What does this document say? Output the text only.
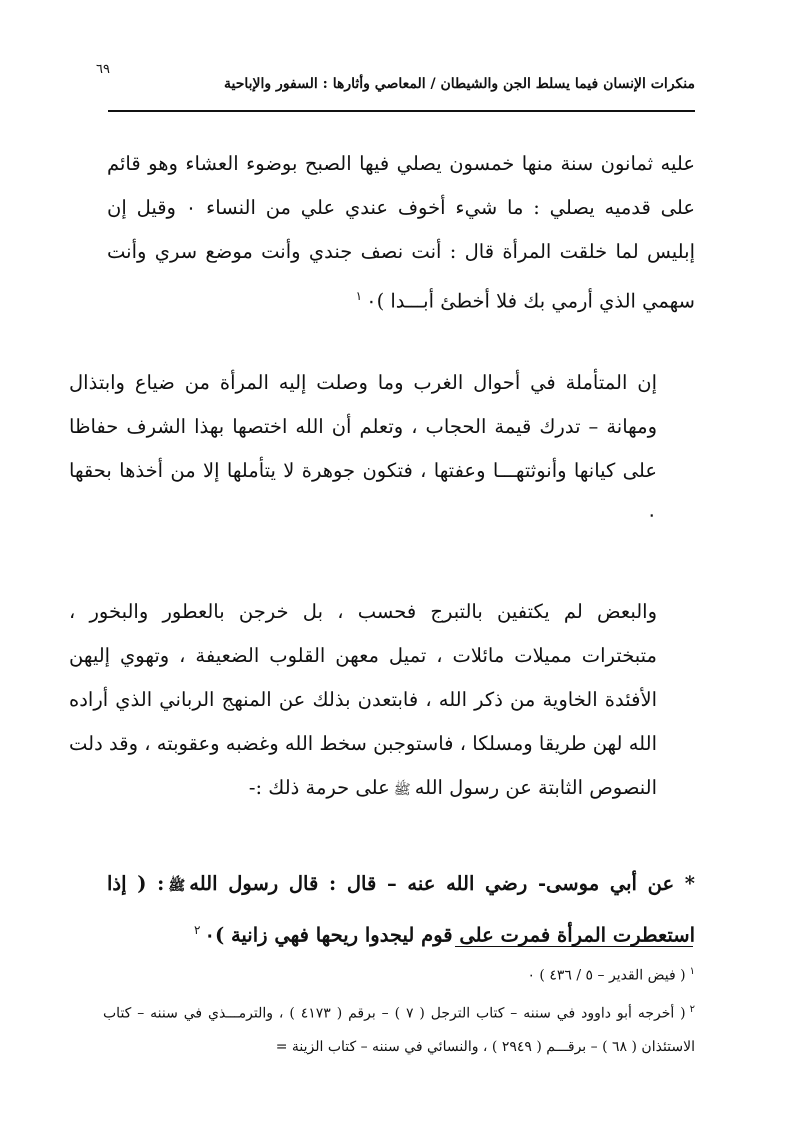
٦٩
منكرات الإنسان فيما يسلط الجن والشيطان / المعاصي وأثارها : السفور والإباحية

عليه ثمانون سنة منها خمسون يصلي فيها الصبح بوضوء العشاء وهو قائم على قدميه يصلي : ما شيء أخوف عندي علي من النساء ٠ وقيل إن إبليس لما خلقت المرأة قال : أنت نصف جندي وأنت موضع سري وأنت سهمي الذي أرمي بك فلا أخطئ أبـــدا )$^١$ ٠

إن المتأملة في أحوال الغرب وما وصلت إليه المرأة من ضياع وابتذال ومهانة – تدرك قيمة الحجاب ، وتعلم أن الله اختصها بهذا الشرف حفاظا على كيانها وأنوثتهـــا وعفتها ، فتكون جوهرة لا يتأملها إلا من أخذها بحقها ٠

والبعض لم يكتفين بالتبرج فحسب ، بل خرجن بالعطور والبخور ، متبخترات مميلات مائلات ، تميل معهن القلوب الضعيفة ، وتهوي إليهن الأفئدة الخاوية من ذكر الله ، فابتعدن بذلك عن المنهج الرباني الذي أراده الله لهن طريقا ومسلكا ، فاستوجبن سخط الله وغضبه وعقوبته ، وقد دلت النصوص الثابتة عن رسول اللهﷺعلى حرمة ذلك :-

* عن أبي موسى- رضي الله عنه – قال : قال رسول اللهﷺ: ( إذا استعطرت المرأة فمرت على قوم ليجدوا ريحها فهي زانية )$^٢$ ٠

$^١$( فيض القدير – ٥ / ٤٣٦ ) ٠
$^٢$( أخرجه أبو داوود في سننه – كتاب الترجل ( ٧ ) – برقم ( ٤١٧٣ ) ، والترمـــذي في سننه – كتاب الاستئذان ( ٦٨ ) – برقـــم ( ٢٩٤٩ ) ، والنسائي في سننه – كتاب الزينة =
